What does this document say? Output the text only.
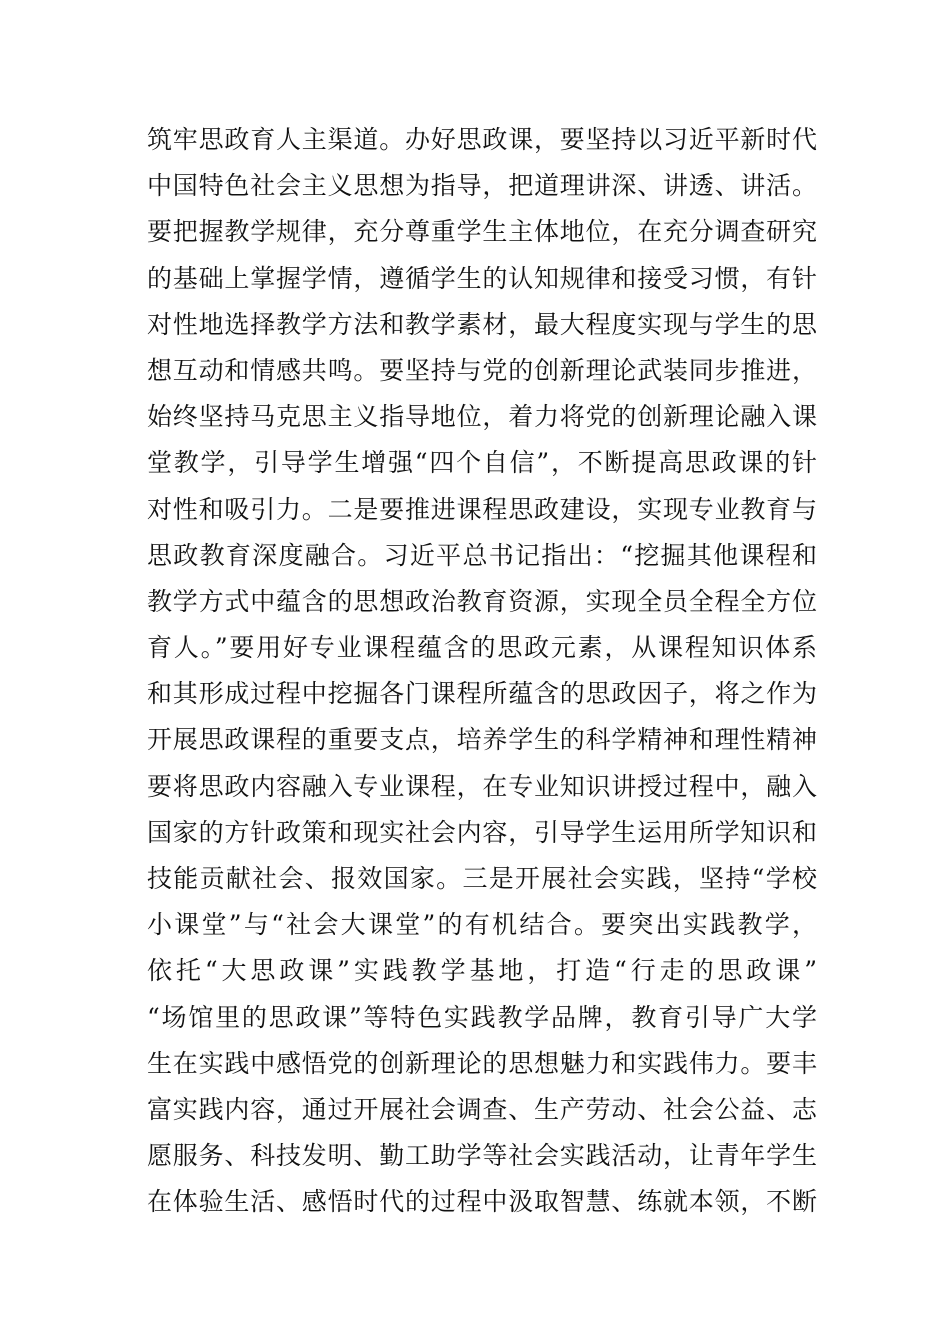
筑牢思政育人主渠道。办好思政课，要坚持以习近平新时代
中国特色社会主义思想为指导，把道理讲深、讲透、讲活。
要把握教学规律，充分尊重学生主体地位，在充分调查研究
的基础上掌握学情，遵循学生的认知规律和接受习惯，有针
对性地选择教学方法和教学素材，最大程度实现与学生的思
想互动和情感共鸣。要坚持与党的创新理论武装同步推进，
始终坚持马克思主义指导地位，着力将党的创新理论融入课
堂教学，引导学生增强“四个自信”，不断提高思政课的针
对性和吸引力。二是要推进课程思政建设，实现专业教育与
思政教育深度融合。习近平总书记指出：“挖掘其他课程和
教学方式中蕴含的思想政治教育资源，实现全员全程全方位
育人。”要用好专业课程蕴含的思政元素，从课程知识体系
和其形成过程中挖掘各门课程所蕴含的思政因子，将之作为
开展思政课程的重要支点，培养学生的科学精神和理性精神
要将思政内容融入专业课程，在专业知识讲授过程中，融入
国家的方针政策和现实社会内容，引导学生运用所学知识和
技能贡献社会、报效国家。三是开展社会实践，坚持“学校
小课堂”与“社会大课堂”的有机结合。要突出实践教学，
依托“大思政课”实践教学基地，打造“行走的思政课”
“场馆里的思政课”等特色实践教学品牌，教育引导广大学
生在实践中感悟党的创新理论的思想魅力和实践伟力。要丰
富实践内容，通过开展社会调查、生产劳动、社会公益、志
愿服务、科技发明、勤工助学等社会实践活动，让青年学生
在体验生活、感悟时代的过程中汲取智慧、练就本领，不断
